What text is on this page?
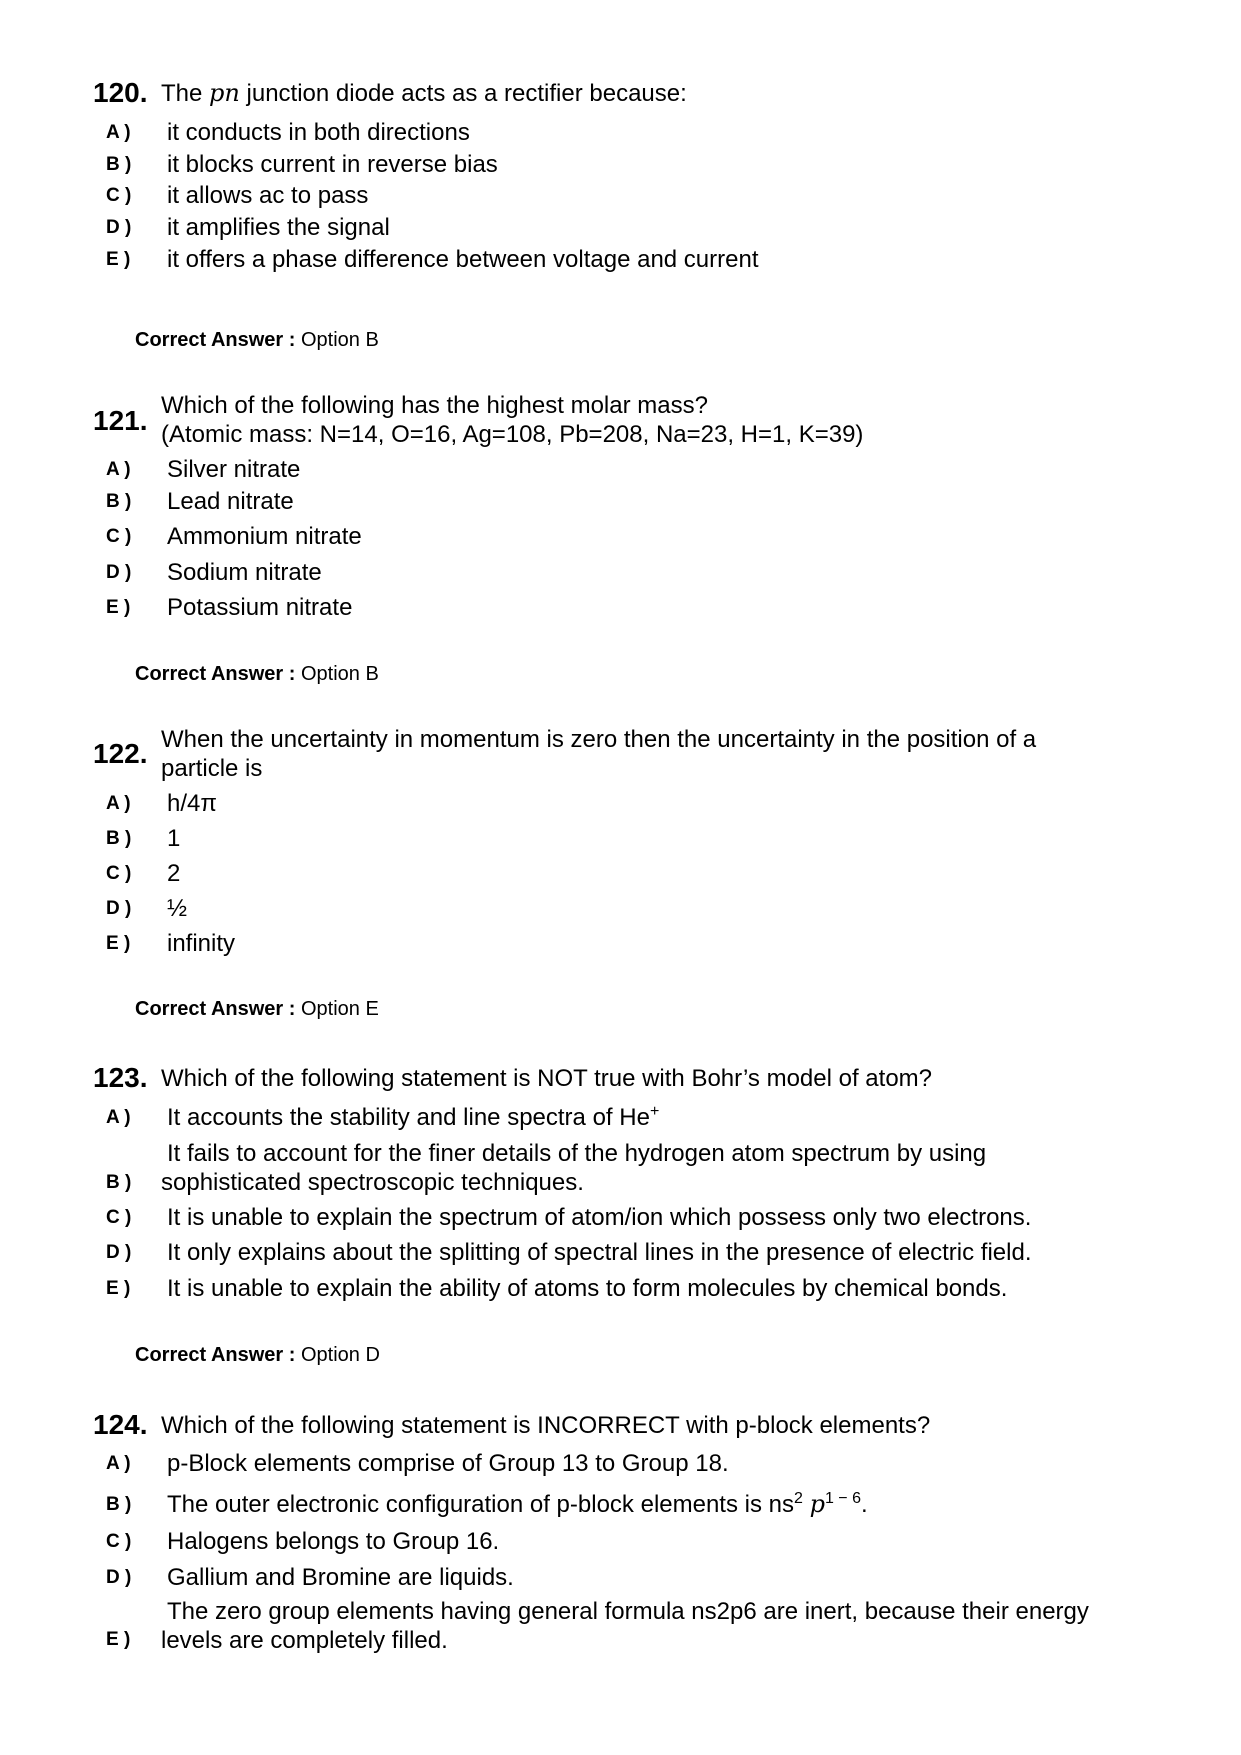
120. The pn junction diode acts as a rectifier because:
A ) it conducts in both directions
B ) it blocks current in reverse bias
C ) it allows ac to pass
D ) it amplifies the signal
E ) it offers a phase difference between voltage and current
Correct Answer : Option B
121. Which of the following has the highest molar mass?
(Atomic mass: N=14, O=16, Ag=108, Pb=208, Na=23, H=1, K=39)
A ) Silver nitrate
B ) Lead nitrate
C ) Ammonium nitrate
D ) Sodium nitrate
E ) Potassium nitrate
Correct Answer : Option B
122. When the uncertainty in momentum is zero then the uncertainty in the position of a
particle is
A ) h/4π
B ) 1
C ) 2
D ) ½
E ) infinity
Correct Answer : Option E
123. Which of the following statement is NOT true with Bohr’s model of atom?
A ) It accounts the stability and line spectra of He+
B )
It fails to account for the finer details of the hydrogen atom spectrum by using
sophisticated spectroscopic techniques.
C ) It is unable to explain the spectrum of atom/ion which possess only two electrons.
D ) It only explains about the splitting of spectral lines in the presence of electric field.
E ) It is unable to explain the ability of atoms to form molecules by chemical bonds.
Correct Answer : Option D
124. Which of the following statement is INCORRECT with p-block elements?
A ) p-Block elements comprise of Group 13 to Group 18.
B ) The outer electronic configuration of p-block elements is $ns^2$ $p^{1 - 6}$.
C ) Halogens belongs to Group 16.
D ) Gallium and Bromine are liquids.
E )
The zero group elements having general formula ns2p6 are inert, because their energy
levels are completely filled.
